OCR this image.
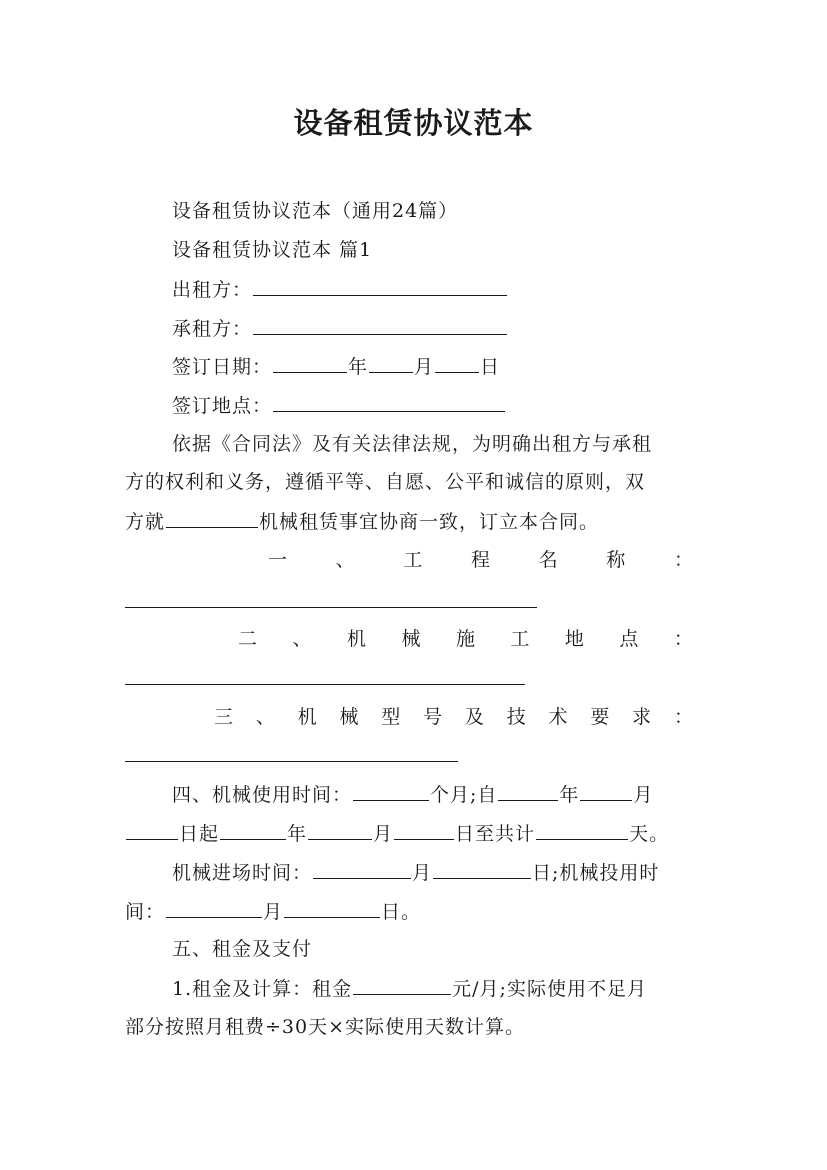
设备租赁协议范本
设备租赁协议范本（通用24篇）
设备租赁协议范本 篇1
出租方：
承租方：
签订日期：	年 月 日
签订地点：
依据《合同法》及有关法律法规，为明确出租方与承租
方的权利和义务，遵循平等、自愿、公平和诚信的原则，双
方就	机械租赁事宜协商一致，订立本合同。
一	、	工	程	名	称	：
二 、 机 械 施 工 地 点 ：
三 、 机 械 型 号 及 技 术 要 求 ：
四、机械使用时间：	个月;自	年	月
日起	年	月	日至共计	天。
机械进场时间：	月	日;机械投用时
间：	月	日。
五、租金及支付
1.租金及计算：租金	元/月;实际使用不足月
部分按照月租费÷30天×实际使用天数计算。
